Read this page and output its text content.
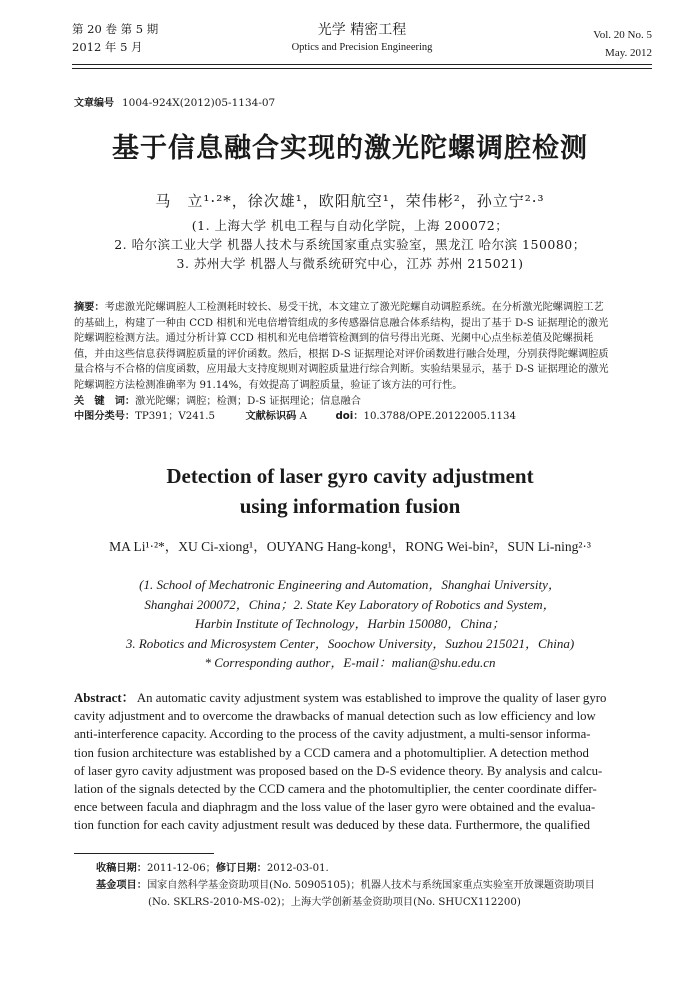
第 20 卷 第 5 期
2012 年 5 月
光学 精密工程
Optics and Precision Engineering
Vol. 20 No. 5
May. 2012
文章编号 1004-924X(2012)05-1134-07
基于信息融合实现的激光陀螺调腔检测
马　立¹·²*，徐次雄¹，欧阳航空¹，荣伟彬²，孙立宁²·³
(1. 上海大学 机电工程与自动化学院，上海 200072；
2. 哈尔滨工业大学 机器人技术与系统国家重点实验室，黑龙江 哈尔滨 150080；
3. 苏州大学 机器人与微系统研究中心，江苏 苏州 215021)
摘要：考虑激光陀螺调腔人工检测耗时较长、易受干扰，本文建立了激光陀螺自动调腔系统。在分析激光陀螺调腔工艺
的基础上，构建了一种由 CCD 相机和光电倍增管组成的多传感器信息融合体系结构，提出了基于 D-S 证据理论的激光
陀螺调腔检测方法。通过分析计算 CCD 相机和光电倍增管检测到的信号得出光斑、光阑中心点坐标差值及陀螺损耗
值，并由这些信息获得调腔质量的评价函数。然后，根据 D-S 证据理论对评价函数进行融合处理，分别获得陀螺调腔质
量合格与不合格的信度函数，应用最大支持度规则对调腔质量进行综合判断。实验结果显示，基于 D-S 证据理论的激光
陀螺调腔方法检测准确率为 91.14%，有效提高了调腔质量，验证了该方法的可行性。
关　键　词：激光陀螺；调腔；检测；D-S 证据理论；信息融合
中图分类号：TP391；V241.5	文献标识码 A	doi：10.3788/OPE.20122005.1134
Detection of laser gyro cavity adjustment
using information fusion
MA Li¹·²*，XU Ci-xiong¹，OUYANG Hang-kong¹，RONG Wei-bin²，SUN Li-ning²·³
(1. School of Mechatronic Engineering and Automation，Shanghai University，
Shanghai 200072，China；2. State Key Laboratory of Robotics and System，
Harbin Institute of Technology，Harbin 150080，China；
3. Robotics and Microsystem Center，Soochow University，Suzhou 215021，China)
* Corresponding author，E-mail：malian@shu.edu.cn
Abstract： An automatic cavity adjustment system was established to improve the quality of laser gyro
cavity adjustment and to overcome the drawbacks of manual detection such as low efficiency and low
anti-interference capacity. According to the process of the cavity adjustment, a multi-sensor informa-
tion fusion architecture was established by a CCD camera and a photomultiplier. A detection method
of laser gyro cavity adjustment was proposed based on the D-S evidence theory. By analysis and calcu-
lation of the signals detected by the CCD camera and the photomultiplier, the center coordinate differ-
ence between facula and diaphragm and the loss value of the laser gyro were obtained and the evalua-
tion function for each cavity adjustment result was deduced by these data. Furthermore, the qualified
收稿日期：2011-12-06；修订日期：2012-03-01.
基金项目：国家自然科学基金资助项目(No. 50905105)；机器人技术与系统国家重点实验室开放课题资助项目
(No. SKLRS-2010-MS-02)；上海大学创新基金资助项目(No. SHUCX112200)
